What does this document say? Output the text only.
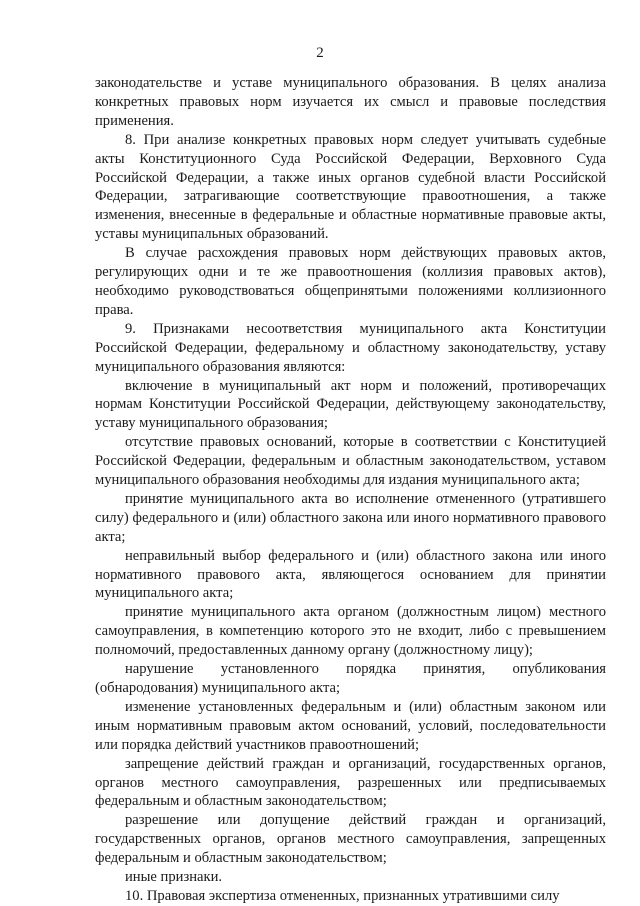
2

законодательстве и уставе муниципального образования. В целях анализа конкретных правовых норм изучается их смысл и правовые последствия применения.

8. При анализе конкретных правовых норм следует учитывать судебные акты Конституционного Суда Российской Федерации, Верховного Суда Российской Федерации, а также иных органов судебной власти Российской Федерации, затрагивающие соответствующие правоотношения, а также изменения, внесенные в федеральные и областные нормативные правовые акты, уставы муниципальных образований.

В случае расхождения правовых норм действующих правовых актов, регулирующих одни и те же правоотношения (коллизия правовых актов), необходимо руководствоваться общепринятыми положениями коллизионного права.

9. Признаками несоответствия муниципального акта Конституции Российской Федерации, федеральному и областному законодательству, уставу муниципального образования являются:

включение в муниципальный акт норм и положений, противоречащих нормам Конституции Российской Федерации, действующему законодательству, уставу муниципального образования;

отсутствие правовых оснований, которые в соответствии с Конституцией Российской Федерации, федеральным и областным законодательством, уставом муниципального образования необходимы для издания муниципального акта;

принятие муниципального акта во исполнение отмененного (утратившего силу) федерального и (или) областного закона или иного нормативного правового акта;

неправильный выбор федерального и (или) областного закона или иного нормативного правового акта, являющегося основанием для принятии муниципального акта;

принятие муниципального акта органом (должностным лицом) местного самоуправления, в компетенцию которого это не входит, либо с превышением полномочий, предоставленных данному органу (должностному лицу);

нарушение установленного порядка принятия, опубликования (обнародования) муниципального акта;

изменение установленных федеральным и (или) областным законом или иным нормативным правовым актом оснований, условий, последовательности или порядка действий участников правоотношений;

запрещение действий граждан и организаций, государственных органов, органов местного самоуправления, разрешенных или предписываемых федеральным и областным законодательством;

разрешение или допущение действий граждан и организаций, государственных органов, органов местного самоуправления, запрещенных федеральным и областным законодательством;

иные признаки.

10. Правовая экспертиза отмененных, признанных утратившими силу
